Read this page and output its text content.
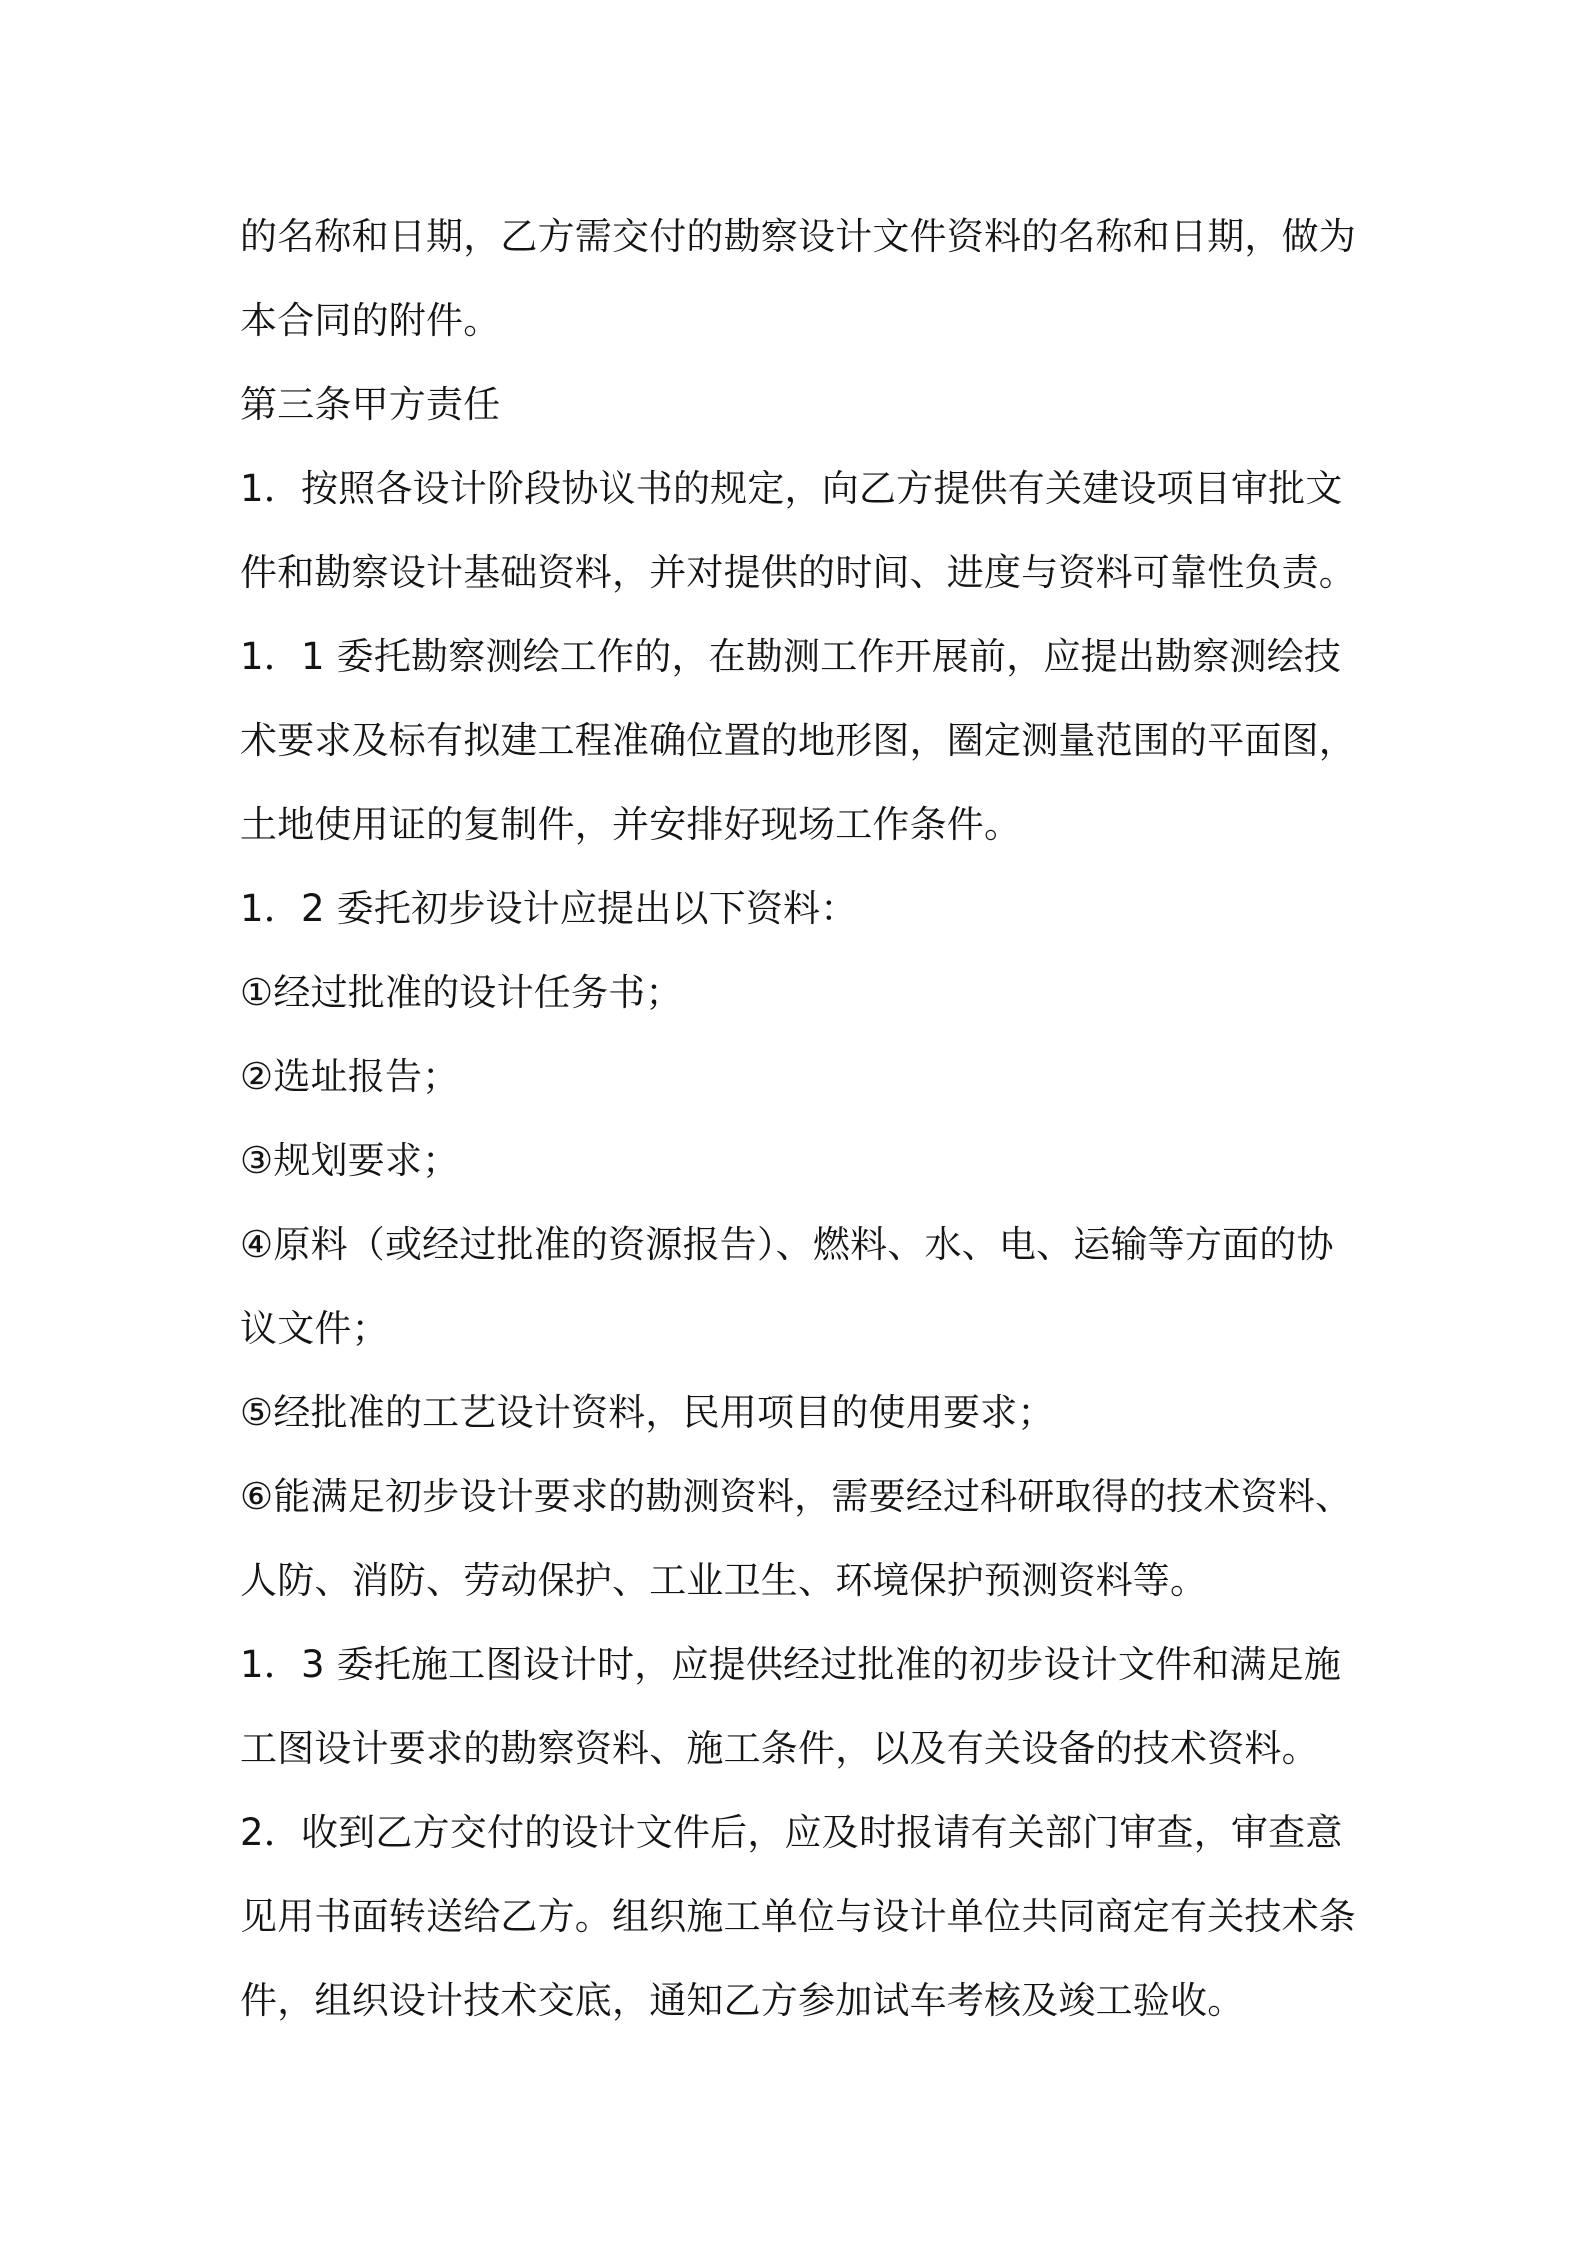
的名称和日期，乙方需交付的勘察设计文件资料的名称和日期，做为
本合同的附件。
第三条甲方责任
1．按照各设计阶段协议书的规定，向乙方提供有关建设项目审批文
件和勘察设计基础资料，并对提供的时间、进度与资料可靠性负责。
1．1 委托勘察测绘工作的，在勘测工作开展前，应提出勘察测绘技
术要求及标有拟建工程准确位置的地形图，圈定测量范围的平面图，
土地使用证的复制件，并安排好现场工作条件。
1．2 委托初步设计应提出以下资料：
①经过批准的设计任务书；
②选址报告；
③规划要求；
④原料（或经过批准的资源报告）、燃料、水、电、运输等方面的协
议文件；
⑤经批准的工艺设计资料，民用项目的使用要求；
⑥能满足初步设计要求的勘测资料，需要经过科研取得的技术资料、
人防、消防、劳动保护、工业卫生、环境保护预测资料等。
1．3 委托施工图设计时，应提供经过批准的初步设计文件和满足施
工图设计要求的勘察资料、施工条件，以及有关设备的技术资料。
2．收到乙方交付的设计文件后，应及时报请有关部门审查，审查意
见用书面转送给乙方。组织施工单位与设计单位共同商定有关技术条
件，组织设计技术交底，通知乙方参加试车考核及竣工验收。
